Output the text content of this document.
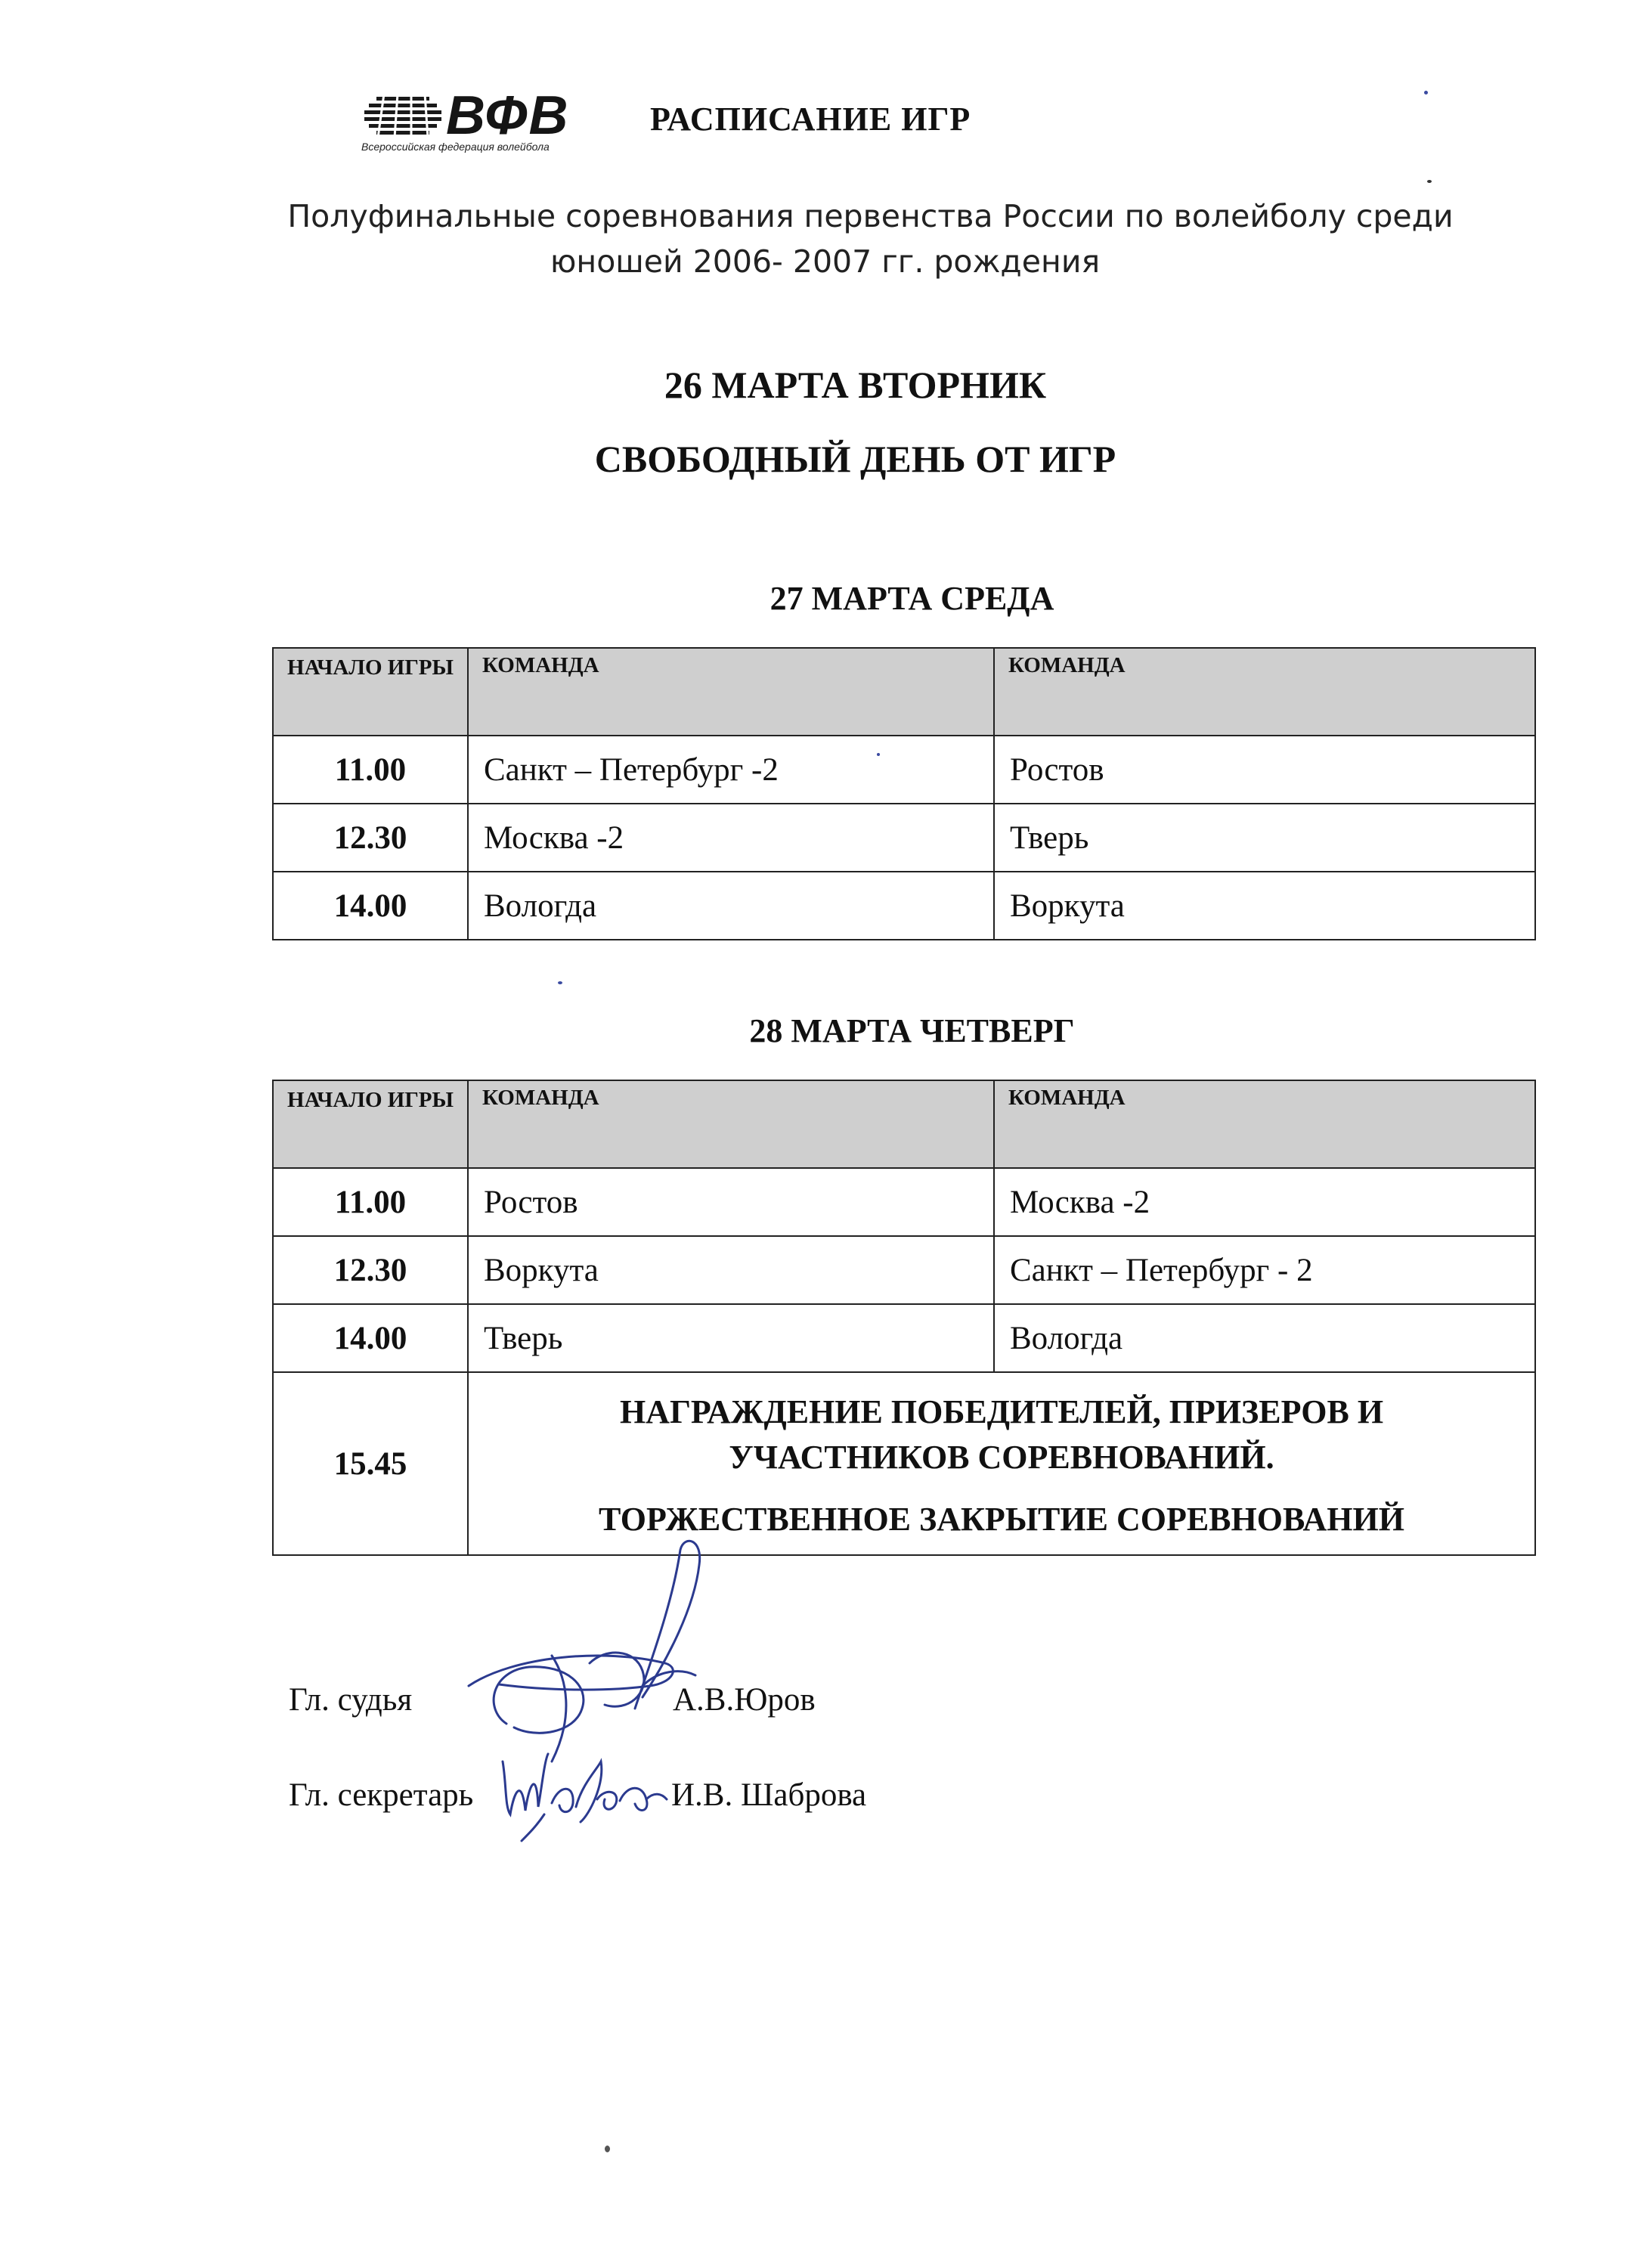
ВФВ
Всероссийская федерация волейбола
РАСПИСАНИЕ ИГР
Полуфинальные соревнования первенства России по волейболу среди
юношей 2006- 2007 гг. рождения
26 МАРТА ВТОРНИК
СВОБОДНЫЙ ДЕНЬ ОТ ИГР
27 МАРТА СРЕДА
НАЧАЛО ИГРЫ	КОМАНДА	КОМАНДА
11.00	Санкт – Петербург -2	Ростов
12.30	Москва -2	Тверь
14.00	Вологда	Воркута
28 МАРТА ЧЕТВЕРГ
НАЧАЛО ИГРЫ	КОМАНДА	КОМАНДА
11.00	Ростов	Москва -2
12.30	Воркута	Санкт – Петербург - 2
14.00	Тверь	Вологда
15.45	НАГРАЖДЕНИЕ ПОБЕДИТЕЛЕЙ, ПРИЗЕРОВ И
УЧАСТНИКОВ СОРЕВНОВАНИЙ.
ТОРЖЕСТВЕННОЕ ЗАКРЫТИЕ СОРЕВНОВАНИЙ	
Гл. судья	А.В.Юров
Гл. секретарь	И.В. Шаброва
